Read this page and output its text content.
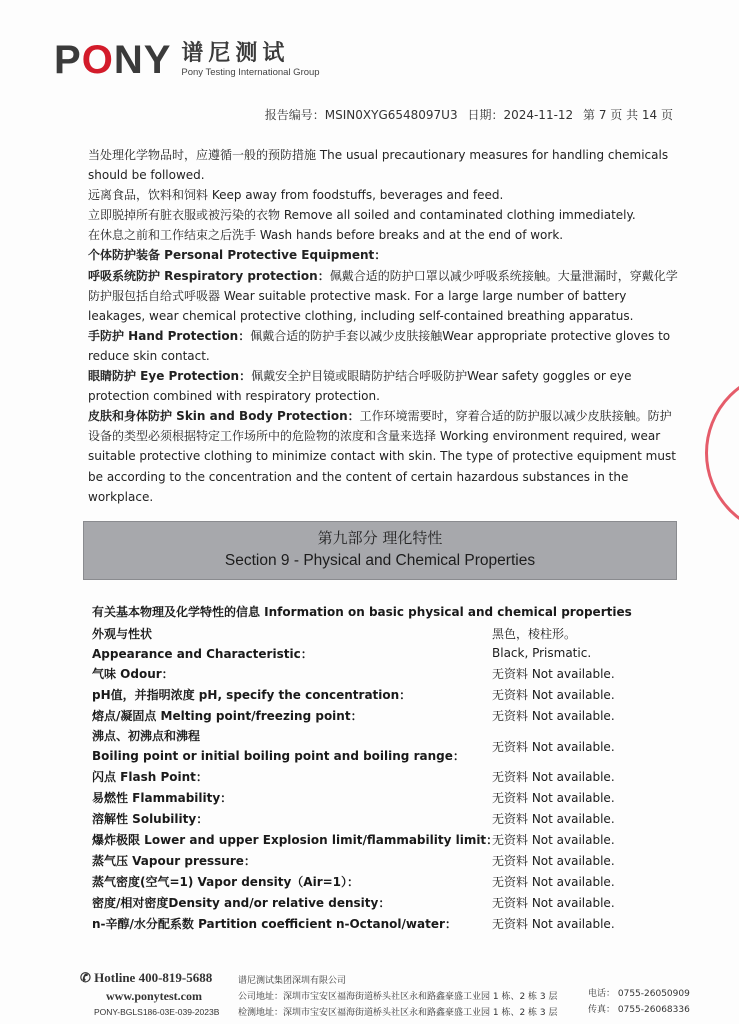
PONY 谱尼测试
Pony Testing International Group
报告编号：MSIN0XYG6548097U3 日期：2024-11-12 第 7 页 共 14 页

当处理化学物品时，应遵循一般的预防措施 The usual precautionary measures for handling chemicals should be followed.

远离食品，饮料和饲料 Keep away from foodstuffs, beverages and feed.

立即脱掉所有脏衣服或被污染的衣物 Remove all soiled and contaminated clothing immediately.

在休息之前和工作结束之后洗手 Wash hands before breaks and at the end of work.

个体防护装备 Personal Protective Equipment：

呼吸系统防护 Respiratory protection：佩戴合适的防护口罩以减少呼吸系统接触。大量泄漏时，穿戴化学防护服包括自给式呼吸器 Wear suitable protective mask. For a large large number of battery leakages, wear chemical protective clothing, including self-contained breathing apparatus.

手防护 Hand Protection：佩戴合适的防护手套以减少皮肤接触Wear appropriate protective gloves to reduce skin contact.

眼睛防护 Eye Protection：佩戴安全护目镜或眼睛防护结合呼吸防护Wear safety goggles or eye protection combined with respiratory protection.

皮肤和身体防护 Skin and Body Protection：工作环境需要时，穿着合适的防护服以减少皮肤接触。防护设备的类型必须根据特定工作场所中的危险物的浓度和含量来选择 Working environment required, wear suitable protective clothing to minimize contact with skin. The type of protective equipment must be according to the concentration and the content of certain hazardous substances in the workplace.

第九部分 理化特性
Section 9 - Physical and Chemical Properties
有关基本物理及化学特性的信息 Information on basic physical and chemical properties
外观与性状	黑色，棱柱形。
Appearance and Characteristic：	Black, Prismatic.
气味 Odour：	无资料 Not available.
pH值，并指明浓度 pH, specify the concentration：	无资料 Not available.
熔点/凝固点 Melting point/freezing point：	无资料 Not available.
沸点、初沸点和沸程
Boiling point or initial boiling point and boiling range：
无资料 Not available.
闪点 Flash Point：	无资料 Not available.
易燃性 Flammability：	无资料 Not available.
溶解性 Solubility：	无资料 Not available.
爆炸极限 Lower and upper Explosion limit/flammability limit：
无资料 Not available.
蒸气压 Vapour pressure：	无资料 Not available.
蒸气密度(空气=1) Vapor density（Air=1）：	无资料 Not available.
密度/相对密度Density and/or relative density：	无资料 Not available.
n-辛醇/水分配系数 Partition coefficient n-Octanol/water：	无资料 Not available.
✆ Hotline 400-819-5688
www.ponytest.com
PONY-BGLS186-03E-039-2023B
谱尼测试集团深圳有限公司
公司地址：深圳市宝安区福海街道桥头社区永和路鑫豪盛工业园 1 栋、2 栋 3 层
检测地址：深圳市宝安区福海街道桥头社区永和路鑫豪盛工业园 1 栋、2 栋 3 层
电话： 0755-26050909
传真： 0755-26068336
